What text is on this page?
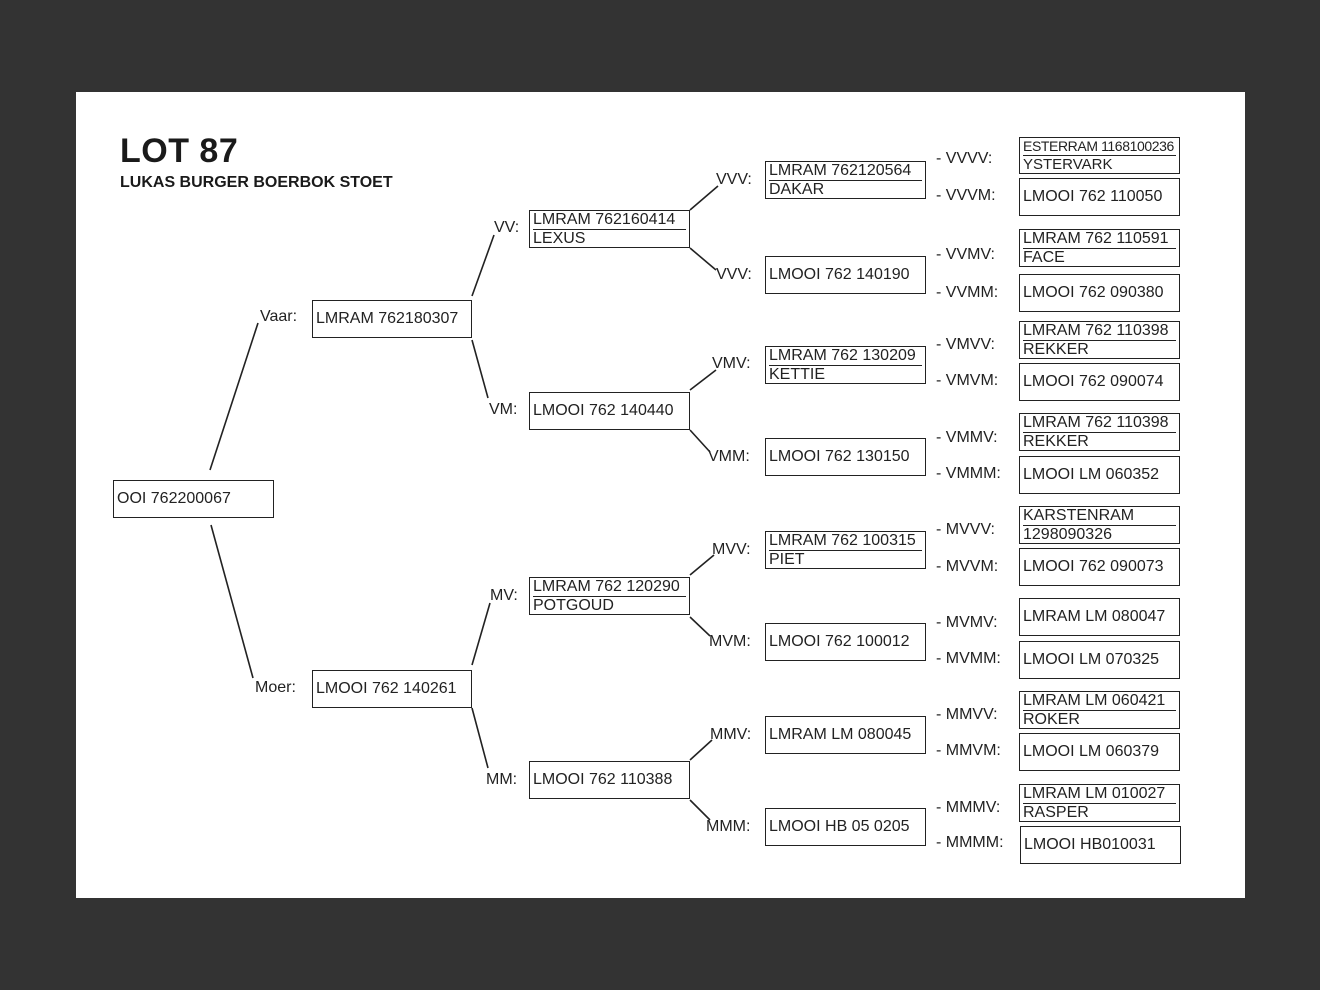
LOT 87
LUKAS BURGER BOERBOK STOET
OOI 762200067
Vaar: LMRAM 762180307
Moer: LMOOI 762 140261
VV: LMRAM 762160414
LEXUS
VM: LMOOI 762 140440
MV:
LMRAM 762 120290
POTGOUD
MM: LMOOI 762 110388
VVV:
LMRAM 762120564
DAKAR
VVV: LMOOI 762 140190
VMV: LMRAM 762 130209
KETTIE
VMM: LMOOI 762 130150
MVV:
LMRAM 762 100315
PIET
MVM: LMOOI 762 100012
MMV: LMRAM LM 080045
MMM: LMOOI HB 05 0205
- VVVV:
ESTERRAM 1168100236
YSTERVARK
- VVVM: LMOOI 762 110050
- VVMV:
LMRAM 762 110591
FACE
- VVMM: LMOOI 762 090380
- VMVV:
LMRAM 762 110398
REKKER
- VMVM: LMOOI 762 090074
- VMMV:
LMRAM 762 110398
REKKER
- VMMM: LMOOI LM 060352
- MVVV:
KARSTENRAM
1298090326
- MVVM: LMOOI 762 090073
- MVMV: LMRAM LM 080047
- MVMM: LMOOI LM 070325
- MMVV:
LMRAM LM 060421
ROKER
- MMVM: LMOOI LM 060379
- MMMV:
LMRAM LM 010027
RASPER
- MMMM: LMOOI HB010031
